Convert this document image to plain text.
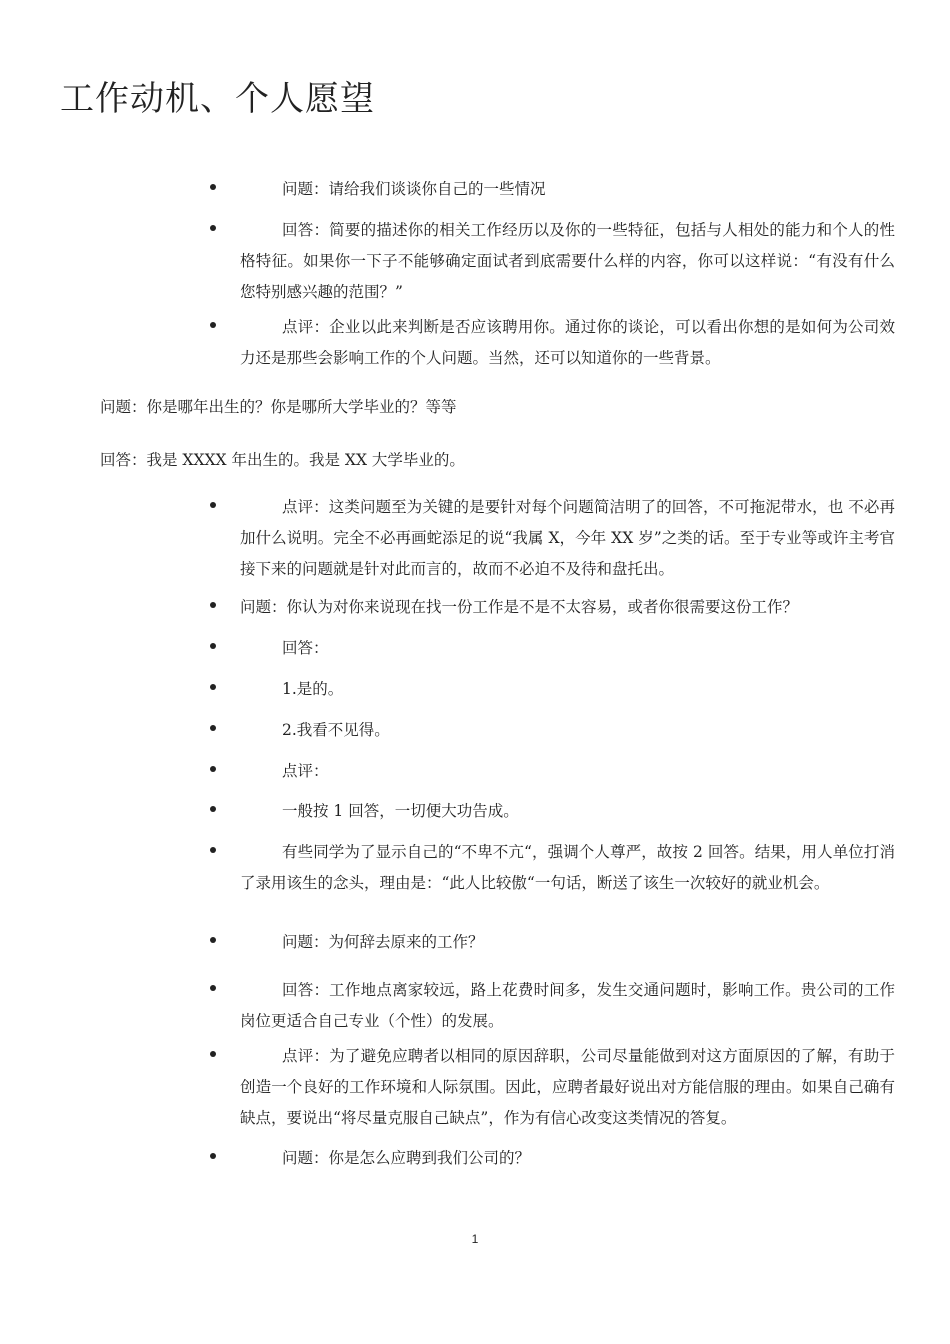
工作动机、个人愿望
问题：请给我们谈谈你自己的一些情况
回答：简要的描述你的相关工作经历以及你的一些特征，包括与人相处的能力和个人的性格特征。如果你一下子不能够确定面试者到底需要什么样的内容，你可以这样说：“有没有什么您特别感兴趣的范围？”
点评：企业以此来判断是否应该聘用你。通过你的谈论，可以看出你想的是如何为公司效力还是那些会影响工作的个人问题。当然，还可以知道你的一些背景。

问题：你是哪年出生的？你是哪所大学毕业的？等等

回答：我是 XXXX 年出生的。我是 XX 大学毕业的。

点评：这类问题至为关键的是要针对每个问题简洁明了的回答，不可拖泥带水，也 不必再加什么说明。完全不必再画蛇添足的说“我属 X，今年 XX 岁”之类的话。至于专业等或许主考官接下来的问题就是针对此而言的，故而不必迫不及待和盘托出。
问题：你认为对你来说现在找一份工作是不是不太容易，或者你很需要这份工作？
回答：
1.是的。
2.我看不见得。
点评：
一般按 1 回答，一切便大功告成。
有些同学为了显示自己的“不卑不亢“，强调个人尊严，故按 2 回答。结果，用人单位打消了录用该生的念头，理由是：“此人比较傲“一句话，断送了该生一次较好的就业机会。
问题：为何辞去原来的工作？
回答：工作地点离家较远，路上花费时间多，发生交通问题时，影响工作。贵公司的工作岗位更适合自己专业（个性）的发展。
点评：为了避免应聘者以相同的原因辞职，公司尽量能做到对这方面原因的了解，有助于创造一个良好的工作环境和人际氛围。因此，应聘者最好说出对方能信服的理由。如果自己确有缺点，要说出“将尽量克服自己缺点”，作为有信心改变这类情况的答复。
问题：你是怎么应聘到我们公司的？
1
